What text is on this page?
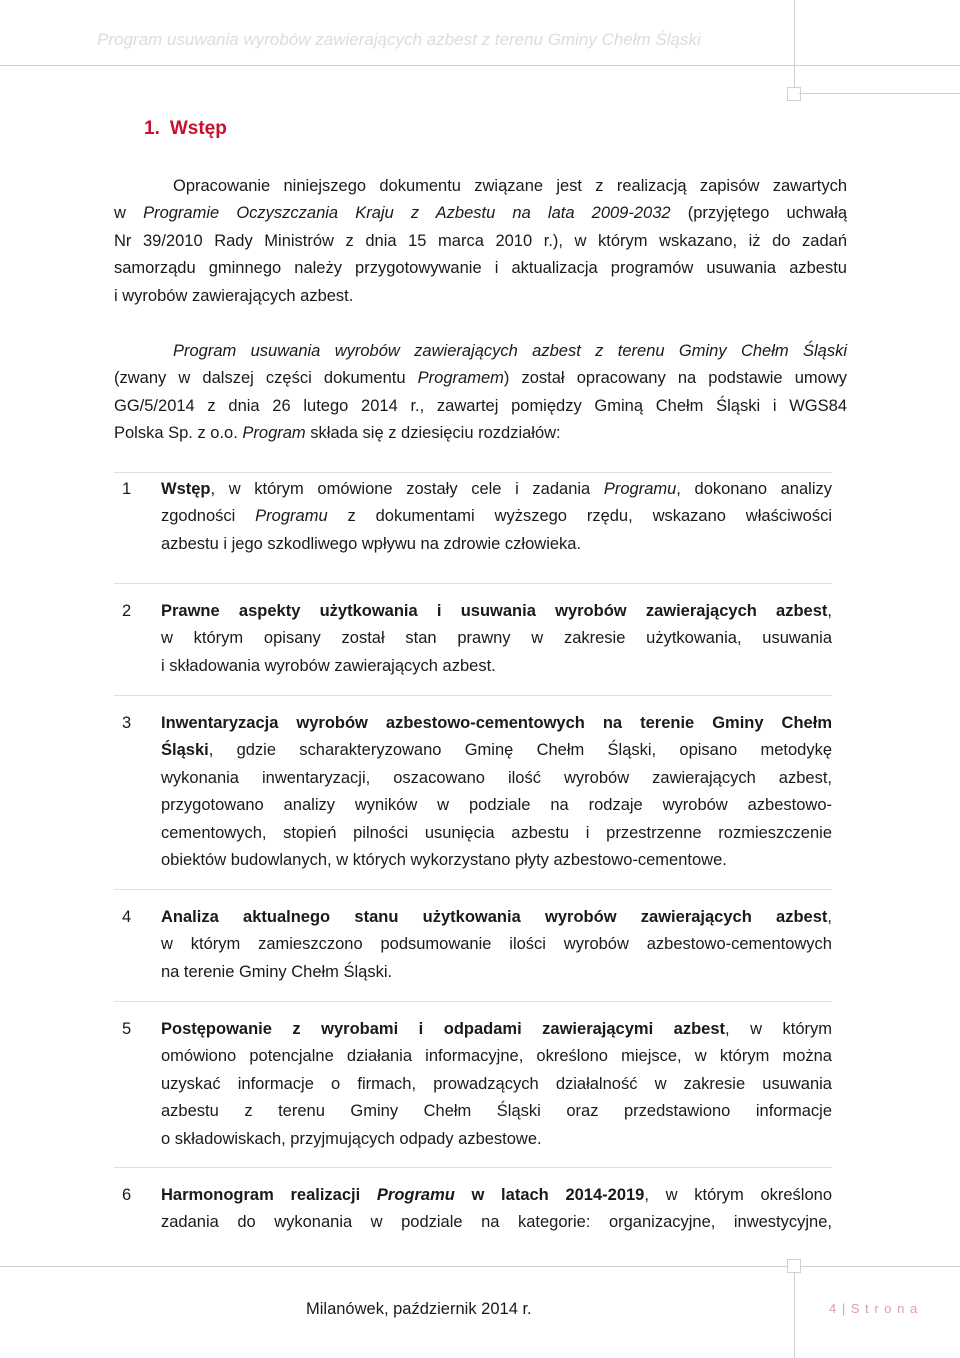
Program usuwania wyrobów zawierających azbest z terenu Gminy Chełm Śląski
1. Wstęp
Opracowanie niniejszego dokumentu związane jest z realizacją zapisów zawartych
w Programie Oczyszczania Kraju z Azbestu na lata 2009-2032 (przyjętego uchwałą
Nr 39/2010 Rady Ministrów z dnia 15 marca 2010 r.), w którym wskazano, iż do zadań
samorządu gminnego należy przygotowywanie i aktualizacja programów usuwania azbestu
i wyrobów zawierających azbest.
Program usuwania wyrobów zawierających azbest z terenu Gminy Chełm Śląski
(zwany w dalszej części dokumentu Programem) został opracowany na podstawie umowy
GG/5/2014 z dnia 26 lutego 2014 r., zawartej pomiędzy Gminą Chełm Śląski i WGS84
Polska Sp. z o.o. Program składa się z dziesięciu rozdziałów:
1 Wstęp, w którym omówione zostały cele i zadania Programu, dokonano analizy
zgodności Programu z dokumentami wyższego rzędu, wskazano właściwości
azbestu i jego szkodliwego wpływu na zdrowie człowieka.
2 Prawne aspekty użytkowania i usuwania wyrobów zawierających azbest,
w którym opisany został stan prawny w zakresie użytkowania, usuwania
i składowania wyrobów zawierających azbest.
3 Inwentaryzacja wyrobów azbestowo-cementowych na terenie Gminy Chełm
Śląski, gdzie scharakteryzowano Gminę Chełm Śląski, opisano metodykę
wykonania inwentaryzacji, oszacowano ilość wyrobów zawierających azbest,
przygotowano analizy wyników w podziale na rodzaje wyrobów azbestowo-
cementowych, stopień pilności usunięcia azbestu i przestrzenne rozmieszczenie
obiektów budowlanych, w których wykorzystano płyty azbestowo-cementowe.
4 Analiza aktualnego stanu użytkowania wyrobów zawierających azbest,
w którym zamieszczono podsumowanie ilości wyrobów azbestowo-cementowych
na terenie Gminy Chełm Śląski.
5 Postępowanie z wyrobami i odpadami zawierającymi azbest, w którym
omówiono potencjalne działania informacyjne, określono miejsce, w którym można
uzyskać informacje o firmach, prowadzących działalność w zakresie usuwania
azbestu z terenu Gminy Chełm Śląski oraz przedstawiono informacje
o składowiskach, przyjmujących odpady azbestowe.
6 Harmonogram realizacji Programu w latach 2014-2019, w którym określono
zadania do wykonania w podziale na kategorie: organizacyjne, inwestycyjne,
Milanówek, październik 2014 r.	4 | S t r o n a
